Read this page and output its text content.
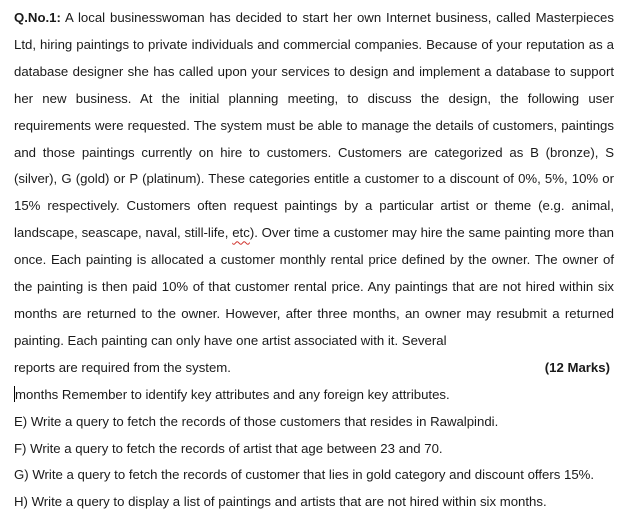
Q.No.1: A local businesswoman has decided to start her own Internet business, called Masterpieces Ltd, hiring paintings to private individuals and commercial companies. Because of your reputation as a database designer she has called upon your services to design and implement a database to support her new business. At the initial planning meeting, to discuss the design, the following user requirements were requested. The system must be able to manage the details of customers, paintings and those paintings currently on hire to customers. Customers are categorized as B (bronze), S (silver), G (gold) or P (platinum). These categories entitle a customer to a discount of 0%, 5%, 10% or 15% respectively. Customers often request paintings by a particular artist or theme (e.g. animal, landscape, seascape, naval, still-life, etc). Over time a customer may hire the same painting more than once. Each painting is allocated a customer monthly rental price defined by the owner. The owner of the painting is then paid 10% of that customer rental price. Any paintings that are not hired within six months are returned to the owner. However, after three months, an owner may resubmit a returned painting. Each painting can only have one artist associated with it. Several

reports are required from the system.	(12 Marks)

months Remember to identify key attributes and any foreign key attributes.

E) Write a query to fetch the records of those customers that resides in Rawalpindi.

F) Write a query to fetch the records of artist that age between 23 and 70.

G) Write a query to fetch the records of customer that lies in gold category and discount offers 15%.

H) Write a query to display a list of paintings and artists that are not hired within six months.
